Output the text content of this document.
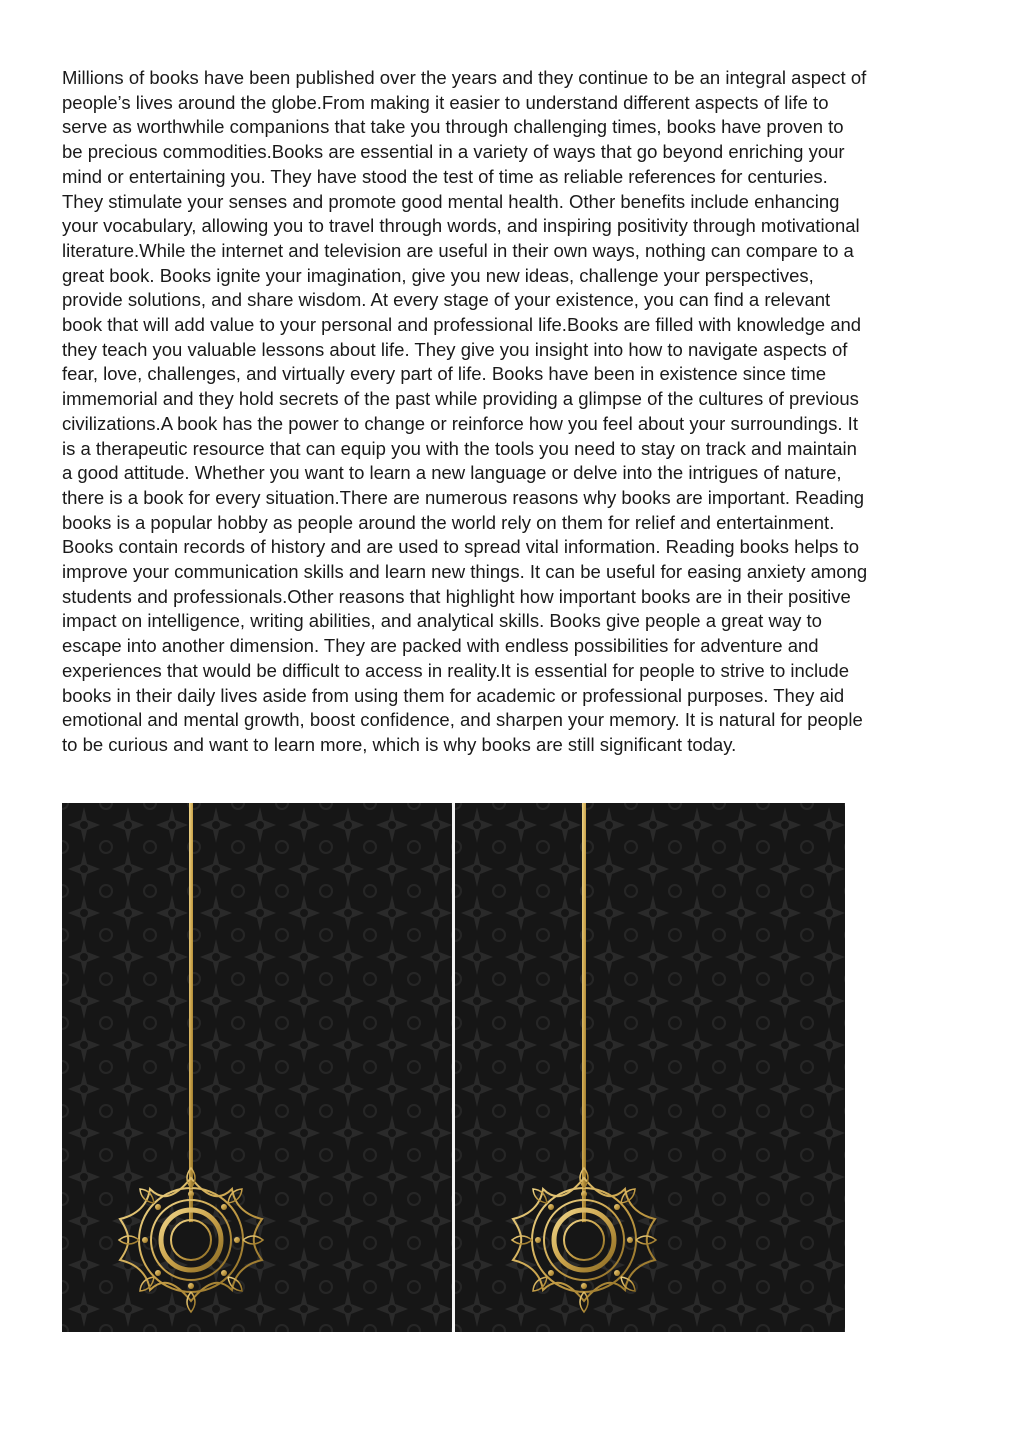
Millions of books have been published over the years and they continue to be an integral aspect of
people’s lives around the globe.From making it easier to understand different aspects of life to
serve as worthwhile companions that take you through challenging times, books have proven to
be precious commodities.Books are essential in a variety of ways that go beyond enriching your
mind or entertaining you. They have stood the test of time as reliable references for centuries.
They stimulate your senses and promote good mental health. Other benefits include enhancing
your vocabulary, allowing you to travel through words, and inspiring positivity through motivational
literature.While the internet and television are useful in their own ways, nothing can compare to a
great book. Books ignite your imagination, give you new ideas, challenge your perspectives,
provide solutions, and share wisdom. At every stage of your existence, you can find a relevant
book that will add value to your personal and professional life.Books are filled with knowledge and
they teach you valuable lessons about life. They give you insight into how to navigate aspects of
fear, love, challenges, and virtually every part of life. Books have been in existence since time
immemorial and they hold secrets of the past while providing a glimpse of the cultures of previous
civilizations.A book has the power to change or reinforce how you feel about your surroundings. It
is a therapeutic resource that can equip you with the tools you need to stay on track and maintain
a good attitude. Whether you want to learn a new language or delve into the intrigues of nature,
there is a book for every situation.There are numerous reasons why books are important. Reading
books is a popular hobby as people around the world rely on them for relief and entertainment.
Books contain records of history and are used to spread vital information. Reading books helps to
improve your communication skills and learn new things. It can be useful for easing anxiety among
students and professionals.Other reasons that highlight how important books are in their positive
impact on intelligence, writing abilities, and analytical skills. Books give people a great way to
escape into another dimension. They are packed with endless possibilities for adventure and
experiences that would be difficult to access in reality.It is essential for people to strive to include
books in their daily lives aside from using them for academic or professional purposes. They aid
emotional and mental growth, boost confidence, and sharpen your memory. It is natural for people
to be curious and want to learn more, which is why books are still significant today.
